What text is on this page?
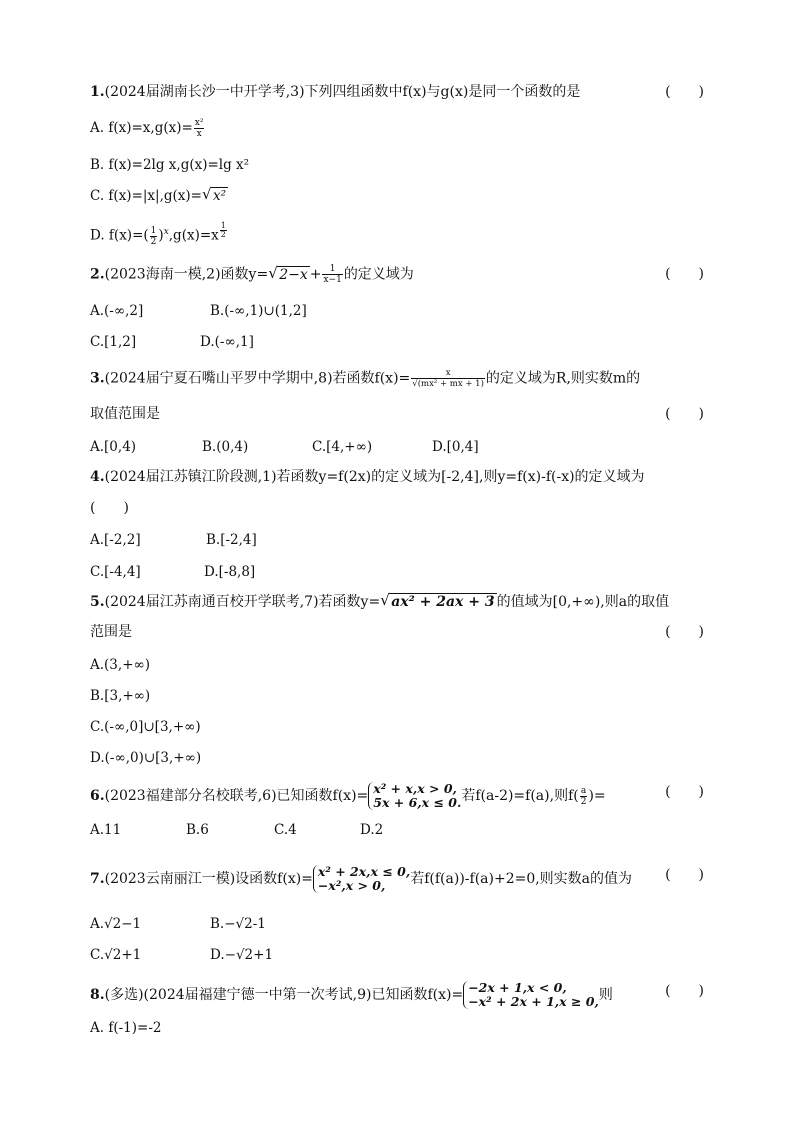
1.(2024届湖南长沙一中开学考,3)下列四组函数中f(x)与g(x)是同一个函数的是	(　　)
A. $f(x)=x,g(x)= \frac{\text{x²}}{x}$
B. f(x)=2lg x,g(x)=lg x²
C. f(x)=|x|,g(x)= √ x²
D. $f(x)=( \frac{1}{2} )^x,g(x)=x$ $^{\frac{1}{2}}$
2.(2023海南一模,2)函数y= √ $2-x + \frac{1}{x-1}$ 的定义域为	(　　)
A.(-∞,2]	B.(-∞,1)∪(1,2]
C.[1,2]	D.(-∞,1]
3.(2024届宁夏石嘴山平罗中学期中,8)若函数$f(x)= \frac{x}{\text{√(mx² + mx + 1)}}$ 的定义域为R,则实数m的
取值范围是	(　　)
A.[0,4)	B.(0,4)	C.[4,+∞)	D.[0,4]
4.(2024届江苏镇江阶段测,1)若函数y=f(2x)的定义域为[-2,4],则y=f(x)-f(-x)的定义域为
(　　)
A.[-2,2]	B.[-2,4]
C.[-4,4]	D.[-8,8]
5.(2024届江苏南通百校开学联考,7)若函数y= √ ax² + 2ax + 3 的值域为[0,+∞),则a的取值
范围是	(　　)
A.(3,+∞)
B.[3,+∞)
C.(-∞,0]∪[3,+∞)
D.(-∞,0)∪[3,+∞)
6.(2023福建部分名校联考,6)已知函数f(x)= x² + x,x > 0,
5x + 6,x ≤ 0. 若f(a-2)=f(a),则$f( \frac{a}{2}$ )=	(　　)
A.11	B.6	C.4	D.2
7.(2023云南丽江一模)设函数f(x)= x² + 2x,x ≤ 0,
−x²,x > 0,	若f(f(a))-f(a)+2=0,则实数a的值为 (　　)
A.√2−1	B.−√2-1
C.√2+1	D.−√2+1
8.(多选)(2024届福建宁德一中第一次考试,9)已知函数f(x)= −2x + 1,x < 0,
−x² + 2x + 1,x ≥ 0, 则	(　　)
A. f(-1)=-2
